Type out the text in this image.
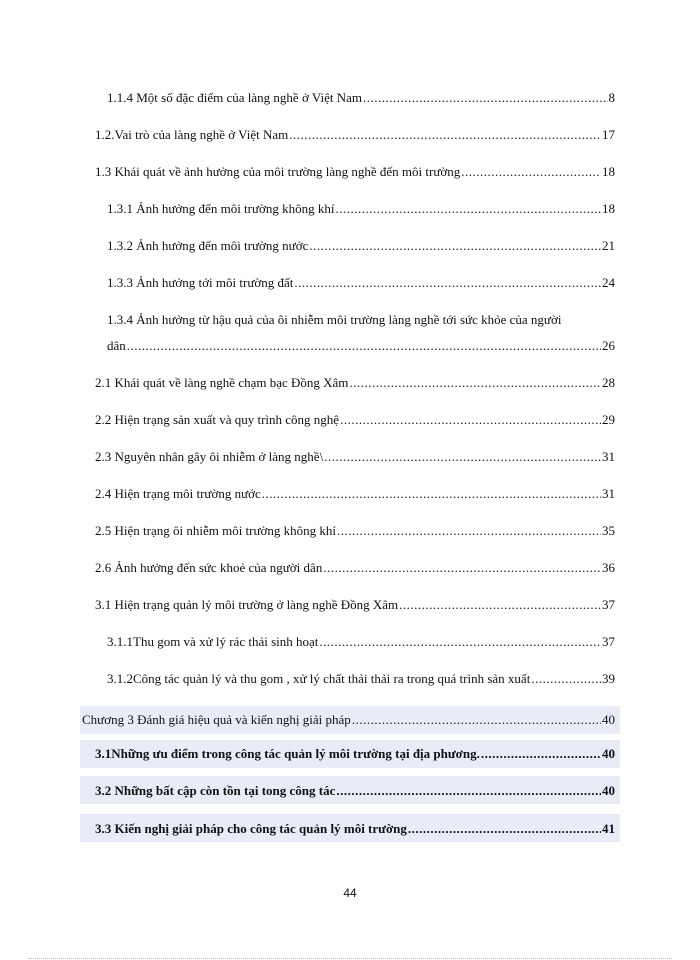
1.1.4 Một số đặc điểm của làng nghề ở Việt Nam .....	8
1.2.Vai trò của làng nghề ở Việt Nam .....	17
1.3 Khái quát về ảnh hưởng của môi trường làng nghề đến môi trường .....	18
1.3.1 Ảnh hưởng đến môi trường không khí .....	18
1.3.2 Ảnh hưởng đến môi trường nước .....	21
1.3.3 Ảnh hưởng tới môi trường đất .....	24
1.3.4 Ảnh hưởng từ hậu quả của ôi nhiễm môi trường làng nghề tới sức khỏe của người
dân .....	26
2.1 Khái quát về làng nghề chạm bạc Đồng Xâm .....	28
2.2 Hiện trạng sản xuất và quy trình công nghệ .....	29
2.3 Nguyên nhân gây ôi nhiễm ở làng nghề\ .....	31
2.4 Hiện trạng môi trường nước .....	31
2.5 Hiện trạng ôi nhiễm môi trường không khí .....	35
2.6 Ảnh hưởng đến sức khoẻ của người dân .....	36
3.1 Hiện trạng quản lý môi trường ở làng nghề Đồng Xâm .....	37
3.1.1Thu gom và xử lý rác thải sinh hoạt .....	37
3.1.2Công tác quản lý và thu gom , xử lý chất thải thải ra trong quá trình sản xuất .....	39
Chương 3 Đánh giá hiệu quả và kiến nghị giải pháp .....	40
3.1Những ưu điểm trong công tác quản lý môi trường tại địa phương. .....	40
3.2 Những bất cập còn tồn tại tong công tác .....	40
3.3 Kiến nghị giải pháp cho công tác quản lý môi trường .....	41
44
